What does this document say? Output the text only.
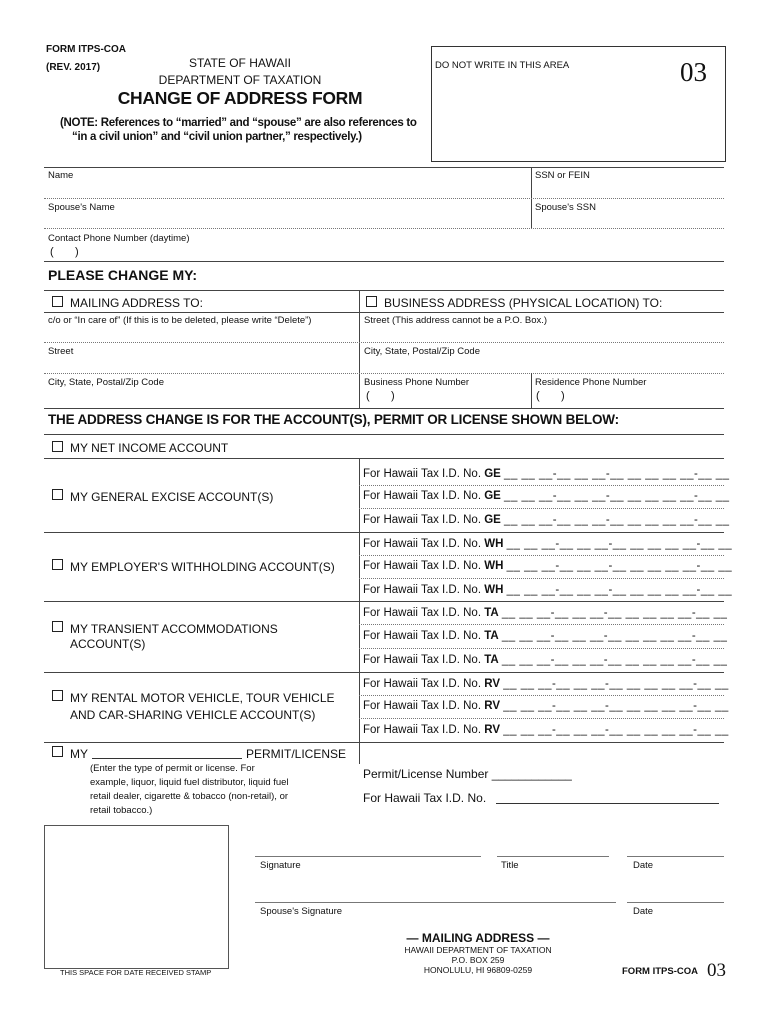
FORM ITPS-COA
(REV. 2017)	STATE OF HAWAII
DEPARTMENT OF TAXATION
CHANGE OF ADDRESS FORM
(NOTE: References to “married” and “spouse” are also references to
“in a civil union” and “civil union partner,” respectively.)
DO NOT WRITE IN THIS AREA	03
Name	SSN or FEIN
Spouse's Name	Spouse's SSN
Contact Phone Number (daytime)
(       )
PLEASE CHANGE MY:
MAILING ADDRESS TO:	BUSINESS ADDRESS (PHYSICAL LOCATION) TO:
c/o or “In care of” (If this is to be deleted, please write “Delete”)	Street (This address cannot be a P.O. Box.)
Street	City, State, Postal/Zip Code
City, State, Postal/Zip Code	Business Phone Number	Residence Phone Number
(       )	(       )
THE ADDRESS CHANGE IS FOR THE ACCOUNT(S), PERMIT OR LICENSE SHOWN BELOW:
MY NET INCOME ACCOUNT
MY GENERAL EXCISE ACCOUNT(S)
For Hawaii Tax I.D. No. GE __ __ __-__ __ __-__ __ __ __ __-__ __
For Hawaii Tax I.D. No. GE __ __ __-__ __ __-__ __ __ __ __-__ __
For Hawaii Tax I.D. No. GE __ __ __-__ __ __-__ __ __ __ __-__ __
MY EMPLOYER'S WITHHOLDING ACCOUNT(S)
For Hawaii Tax I.D. No. WH __ __ __-__ __ __-__ __ __ __ __-__ __
For Hawaii Tax I.D. No. WH __ __ __-__ __ __-__ __ __ __ __-__ __
For Hawaii Tax I.D. No. WH __ __ __-__ __ __-__ __ __ __ __-__ __
MY TRANSIENT ACCOMMODATIONS
ACCOUNT(S)
For Hawaii Tax I.D. No. TA __ __ __-__ __ __-__ __ __ __ __-__ __
For Hawaii Tax I.D. No. TA __ __ __-__ __ __-__ __ __ __ __-__ __
For Hawaii Tax I.D. No. TA __ __ __-__ __ __-__ __ __ __ __-__ __
MY RENTAL MOTOR VEHICLE, TOUR VEHICLE
AND CAR-SHARING VEHICLE ACCOUNT(S)
For Hawaii Tax I.D. No. RV __ __ __-__ __ __-__ __ __ __ __-__ __
For Hawaii Tax I.D. No. RV __ __ __-__ __ __-__ __ __ __ __-__ __
For Hawaii Tax I.D. No. RV __ __ __-__ __ __-__ __ __ __ __-__ __
MY	PERMIT/LICENSE
(Enter the type of permit or license. For
example, liquor, liquid fuel distributor, liquid fuel
retail dealer, cigarette & tobacco (non-retail), or
retail tobacco.)
Permit/License Number ____________
For Hawaii Tax I.D. No.
THIS SPACE FOR DATE RECEIVED STAMP
Signature	Title	Date
Spouse's Signature	Date
— MAILING ADDRESS —
HAWAII DEPARTMENT OF TAXATION
P.O. BOX 259
HONOLULU, HI 96809-0259	FORM ITPS-COA 03
